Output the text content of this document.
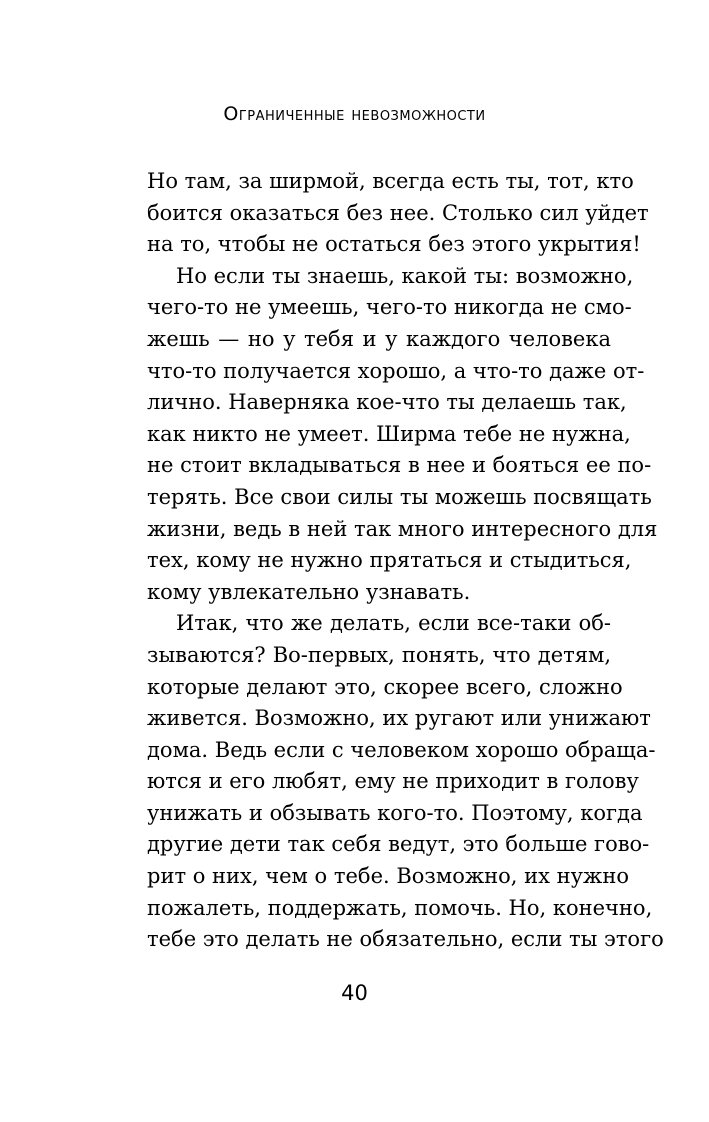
Ограниченные невозможности
Но там, за ширмой, всегда есть ты, тот, кто
боится оказаться без нее. Столько сил уйдет
на то, чтобы не остаться без этого укрытия!
Но если ты знаешь, какой ты: возможно,
чего-то не умеешь, чего-то никогда не смо-
жешь — но у тебя и у каждого человека
что-то получается хорошо, а что-то даже от-
лично. Наверняка кое-что ты делаешь так,
как никто не умеет. Ширма тебе не нужна,
не стоит вкладываться в нее и бояться ее по-
терять. Все свои силы ты можешь посвящать
жизни, ведь в ней так много интересного для
тех, кому не нужно прятаться и стыдиться,
кому увлекательно узнавать.
Итак, что же делать, если все-таки об-
зываются? Во-первых, понять, что детям,
которые делают это, скорее всего, сложно
живется. Возможно, их ругают или унижают
дома. Ведь если с человеком хорошо обраща-
ются и его любят, ему не приходит в голову
унижать и обзывать кого-то. Поэтому, когда
другие дети так себя ведут, это больше гово-
рит о них, чем о тебе. Возможно, их нужно
пожалеть, поддержать, помочь. Но, конечно,
тебе это делать не обязательно, если ты этого
40
